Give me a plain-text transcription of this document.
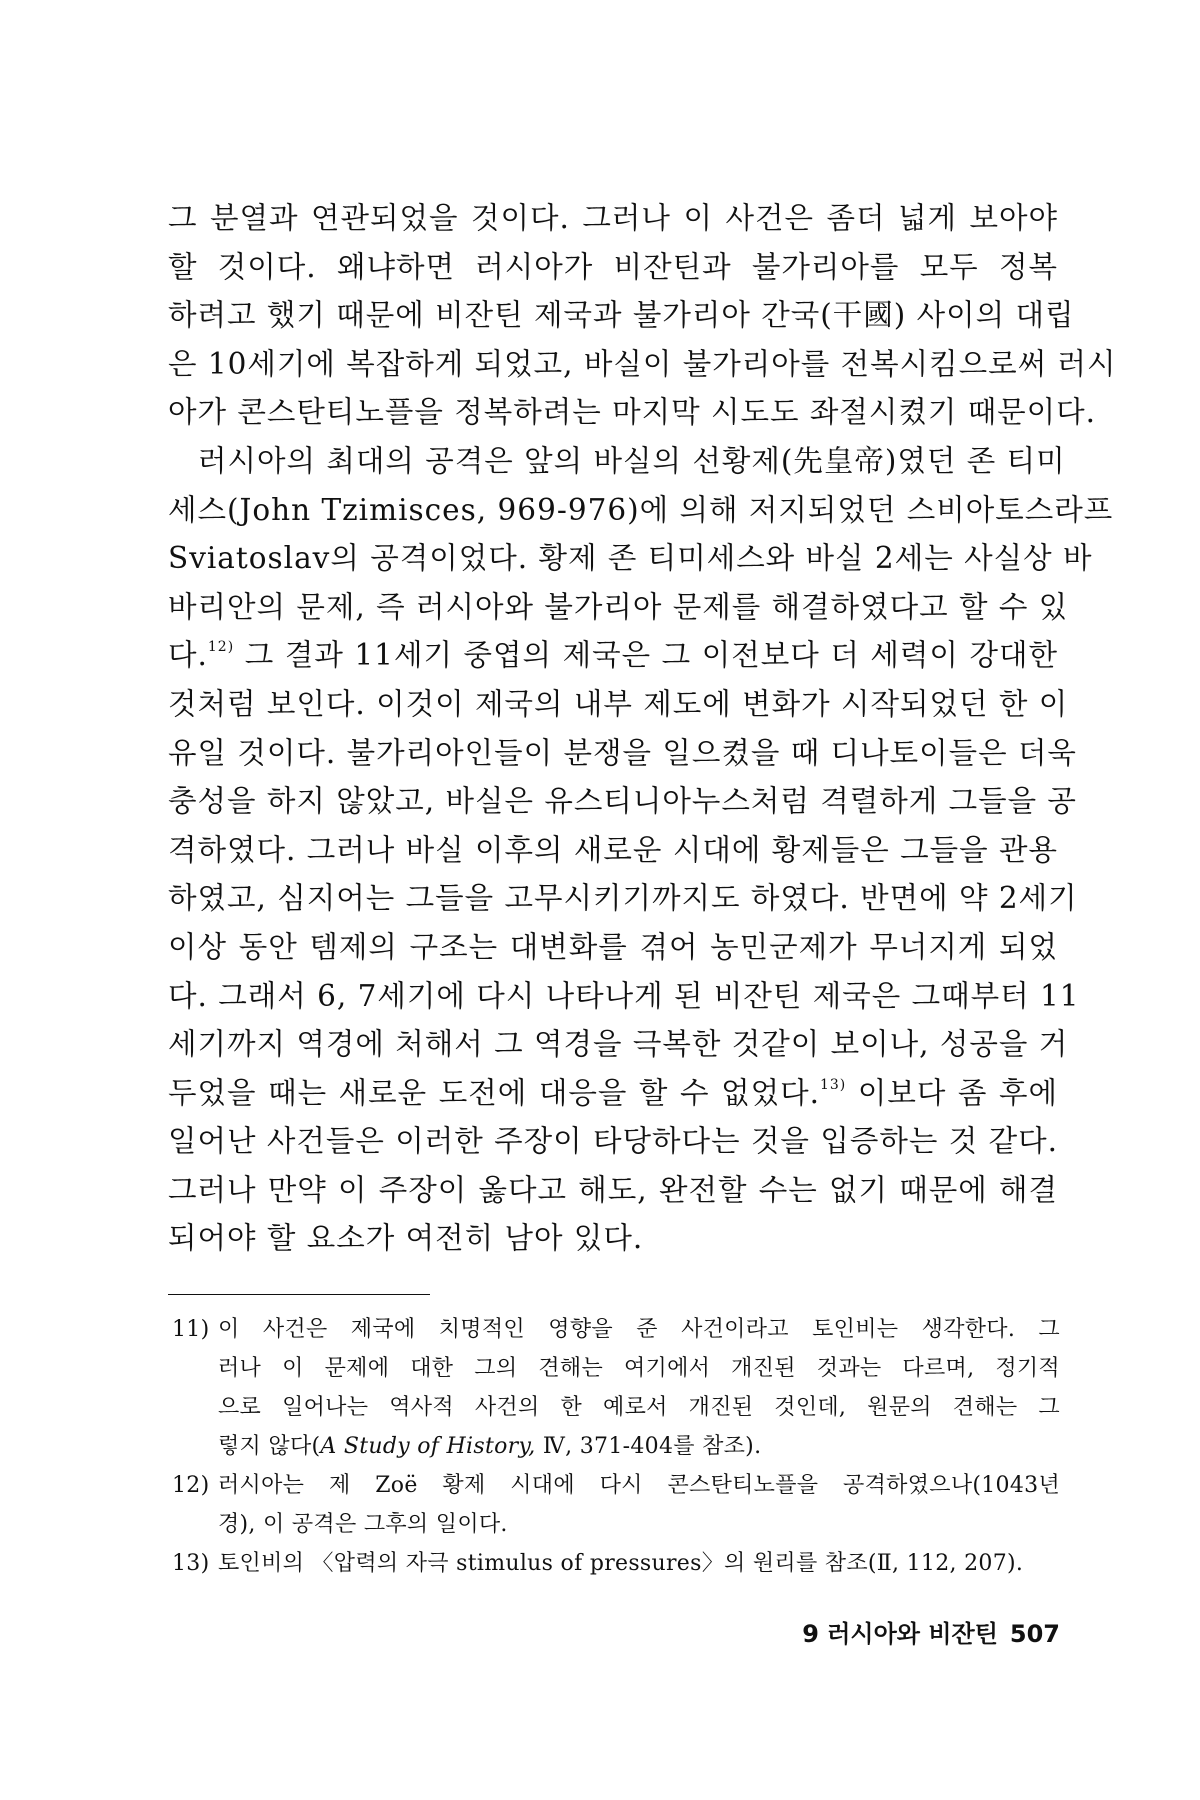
그 분열과 연관되었을 것이다. 그러나 이 사건은 좀더 넓게 보아야
할 것이다. 왜냐하면 러시아가 비잔틴과 불가리아를 모두 정복
하려고 했기 때문에 비잔틴 제국과 불가리아 간국(干國) 사이의 대립
은 10세기에 복잡하게 되었고, 바실이 불가리아를 전복시킴으로써 러시
아가 콘스탄티노플을 정복하려는 마지막 시도도 좌절시켰기 때문이다.
러시아의 최대의 공격은 앞의 바실의 선황제(先皇帝)였던 존 티미
세스(John Tzimisces, 969-976)에 의해 저지되었던 스비아토스라프
Sviatoslav의 공격이었다. 황제 존 티미세스와 바실 2세는 사실상 바
바리안의 문제, 즉 러시아와 불가리아 문제를 해결하였다고 할 수 있
다.$^{12)}$ 그 결과 11세기 중엽의 제국은 그 이전보다 더 세력이 강대한
것처럼 보인다. 이것이 제국의 내부 제도에 변화가 시작되었던 한 이
유일 것이다. 불가리아인들이 분쟁을 일으켰을 때 디나토이들은 더욱
충성을 하지 않았고, 바실은 유스티니아누스처럼 격렬하게 그들을 공
격하였다. 그러나 바실 이후의 새로운 시대에 황제들은 그들을 관용
하였고, 심지어는 그들을 고무시키기까지도 하였다. 반면에 약 2세기
이상 동안 템제의 구조는 대변화를 겪어 농민군제가 무너지게 되었
다. 그래서 6, 7세기에 다시 나타나게 된 비잔틴 제국은 그때부터 11
세기까지 역경에 처해서 그 역경을 극복한 것같이 보이나, 성공을 거
두었을 때는 새로운 도전에 대응을 할 수 없었다.$^{13)}$ 이보다 좀 후에
일어난 사건들은 이러한 주장이 타당하다는 것을 입증하는 것 같다.
그러나 만약 이 주장이 옳다고 해도, 완전할 수는 없기 때문에 해결
되어야 할 요소가 여전히 남아 있다.
11) 이 사건은 제국에 치명적인 영향을 준 사건이라고 토인비는 생각한다. 그
러나 이 문제에 대한 그의 견해는 여기에서 개진된 것과는 다르며, 정기적
으로 일어나는 역사적 사건의 한 예로서 개진된 것인데, 원문의 견해는 그
렇지 않다(A Study of History, Ⅳ, 371-404를 참조).
12) 러시아는 제 Zoë 황제 시대에 다시 콘스탄티노플을 공격하였으나(1043년
경), 이 공격은 그후의 일이다.
13) 토인비의 〈압력의 자극 stimulus of pressures〉의 원리를 참조(Ⅱ, 112, 207).
9 러시아와 비잔틴 507
